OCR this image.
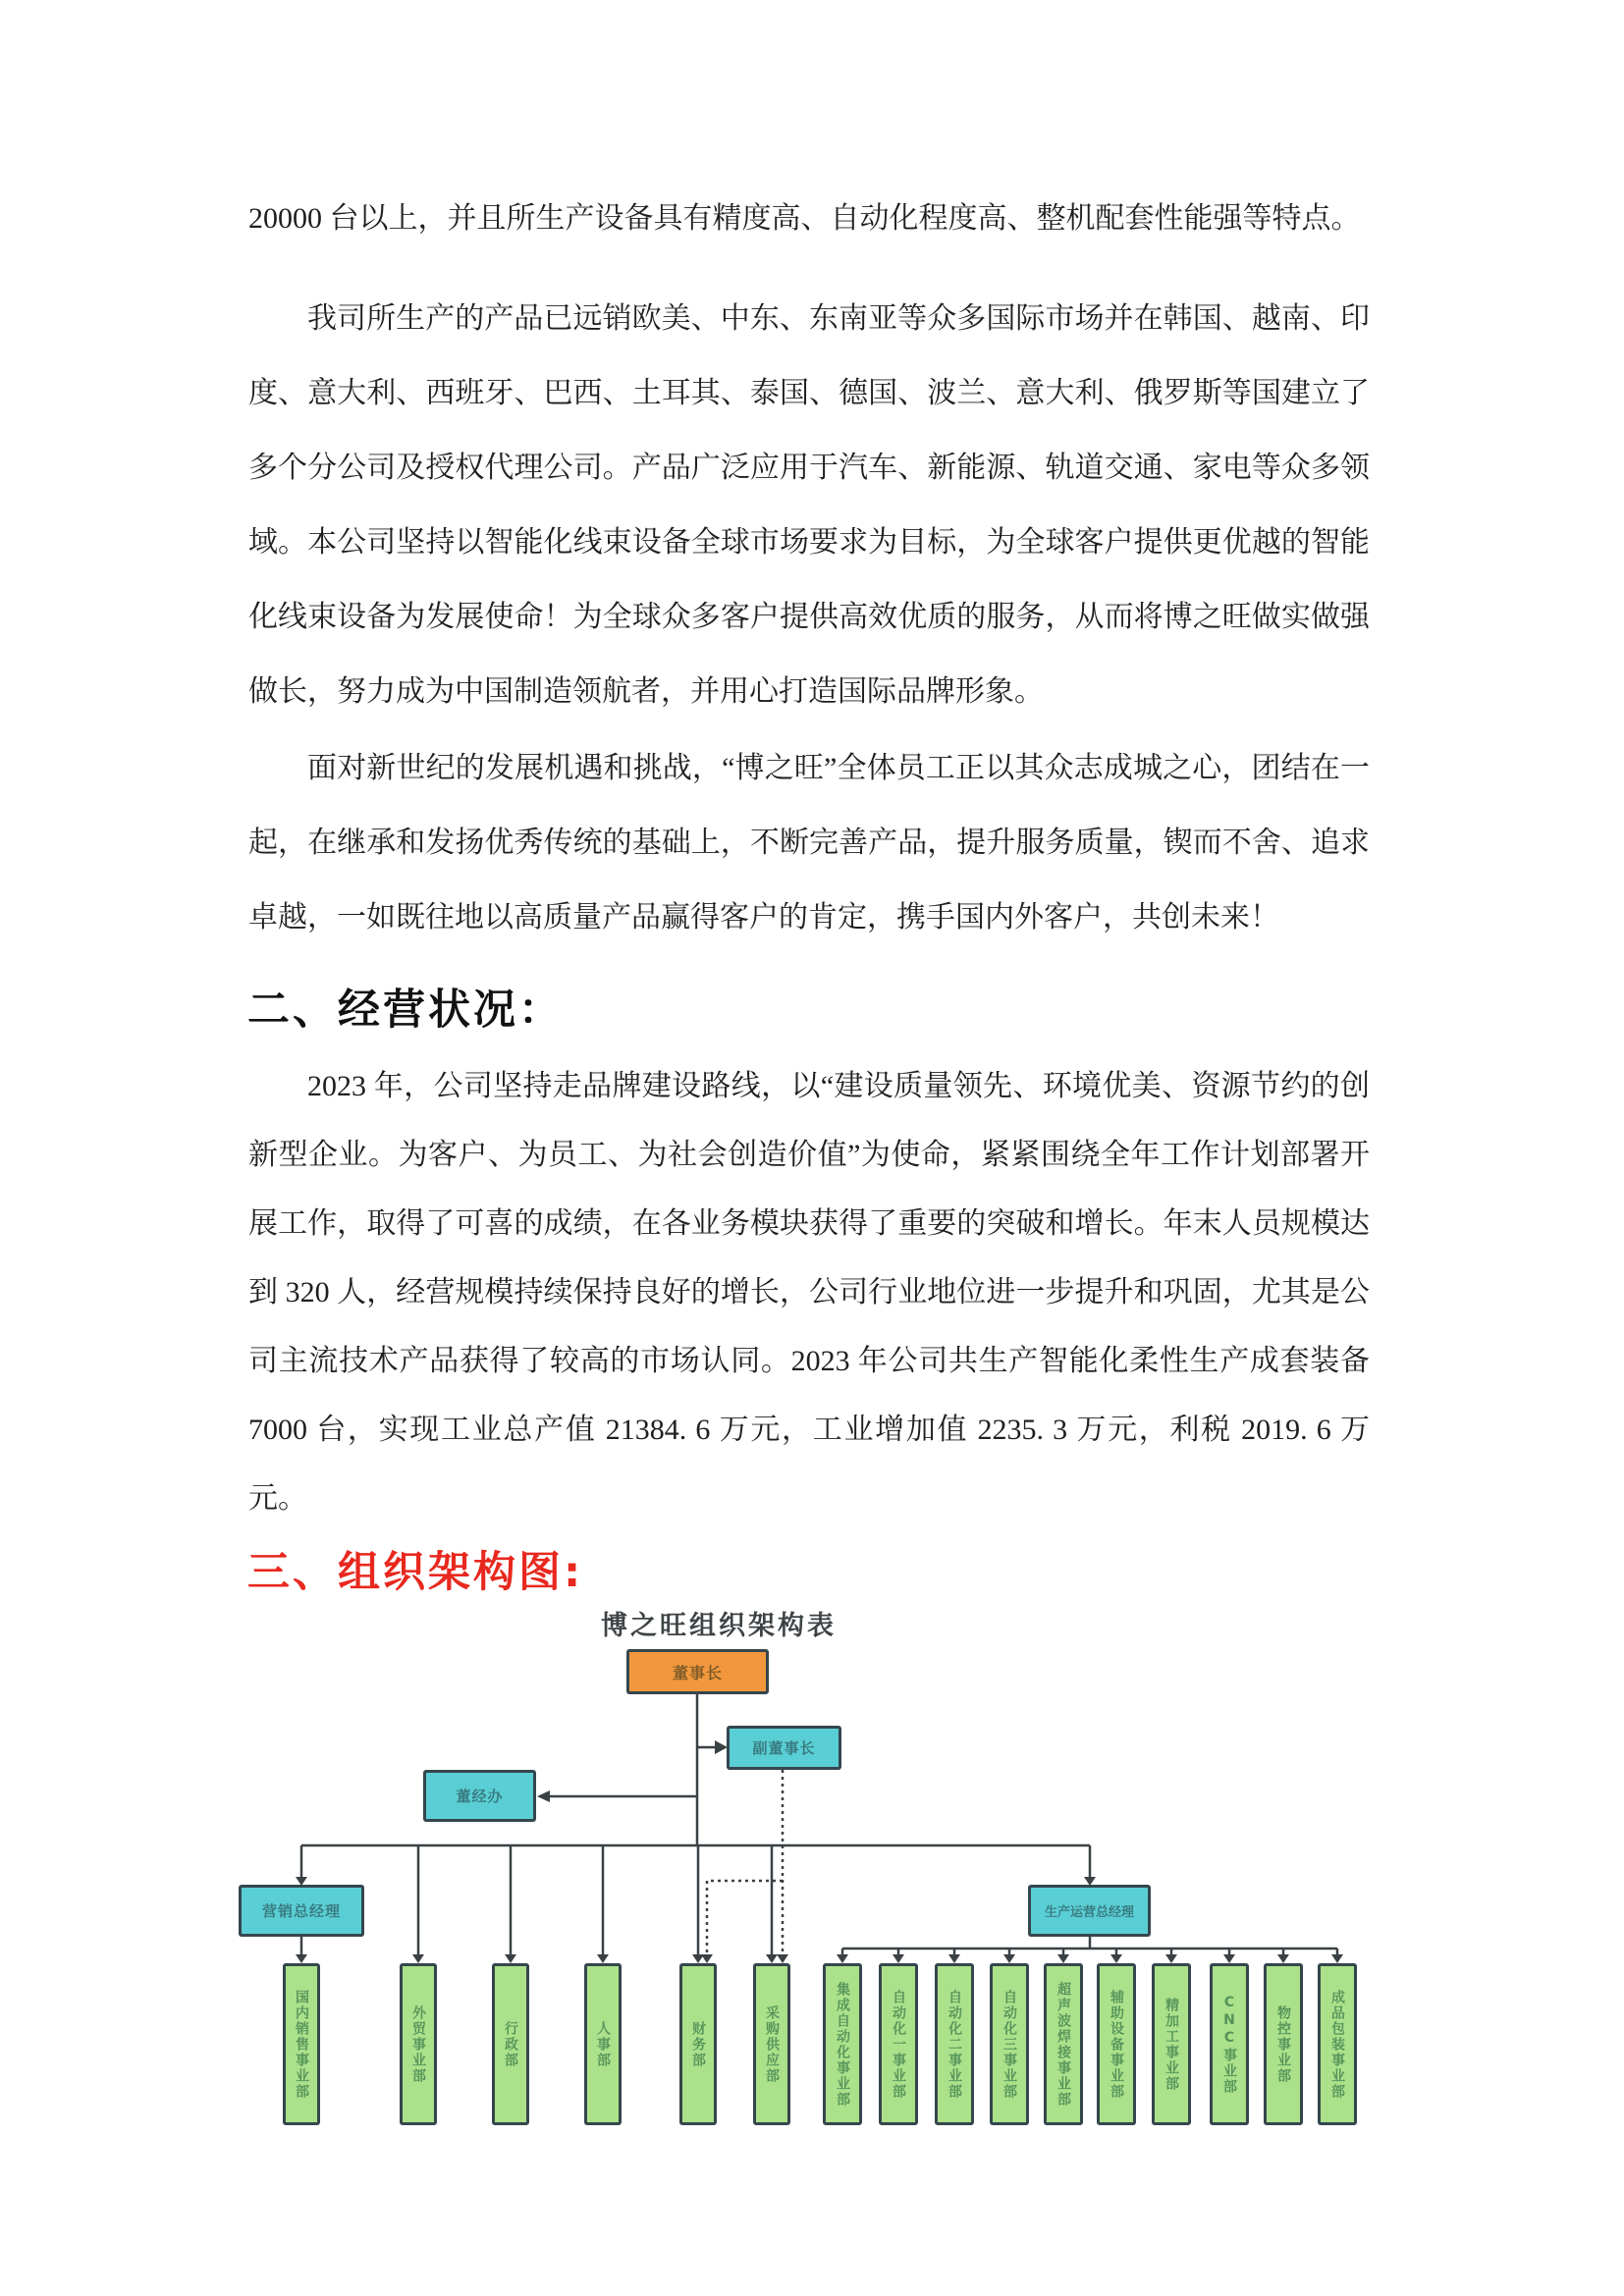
20000 台以上，并且所生产设备具有精度高、自动化程度高、整机配套性能强等特点。

我司所生产的产品已远销欧美、中东、东南亚等众多国际市场并在韩国、越南、印度、意大利、西班牙、巴西、土耳其、泰国、德国、波兰、意大利、俄罗斯等国建立了多个分公司及授权代理公司。产品广泛应用于汽车、新能源、轨道交通、家电等众多领域。本公司坚持以智能化线束设备全球市场要求为目标，为全球客户提供更优越的智能化线束设备为发展使命！为全球众多客户提供高效优质的服务，从而将博之旺做实做强做长，努力成为中国制造领航者，并用心打造国际品牌形象。

面对新世纪的发展机遇和挑战，“博之旺”全体员工正以其众志成城之心，团结在一起，在继承和发扬优秀传统的基础上，不断完善产品，提升服务质量，锲而不舍、追求卓越，一如既往地以高质量产品赢得客户的肯定，携手国内外客户，共创未来！

二、经营状况：

2023 年，公司坚持走品牌建设路线，以“建设质量领先、环境优美、资源节约的创新型企业。为客户、为员工、为社会创造价值”为使命，紧紧围绕全年工作计划部署开展工作，取得了可喜的成绩，在各业务模块获得了重要的突破和增长。年末人员规模达到 320 人，经营规模持续保持良好的增长，公司行业地位进一步提升和巩固，尤其是公司主流技术产品获得了较高的市场认同。2023 年公司共生产智能化柔性生产成套装备 7000 台，实现工业总产值 21384. 6 万元，工业增加值 2235. 3 万元，利税 2019. 6 万元。

三、组织架构图:
博之旺组织架构表
董事长
副董事长
董经办
营销总经理	生产运营总经理
国内销售事业部	外贸事业部	行政部	人事部	财务部	采购供应部	集成自动化事业部	自动化一事业部	自动化二事业部	自动化三事业部	超声波焊接事业部	辅助设备事业部	精加工事业部	CNC事业部	物控事业部	成品包装事业部
